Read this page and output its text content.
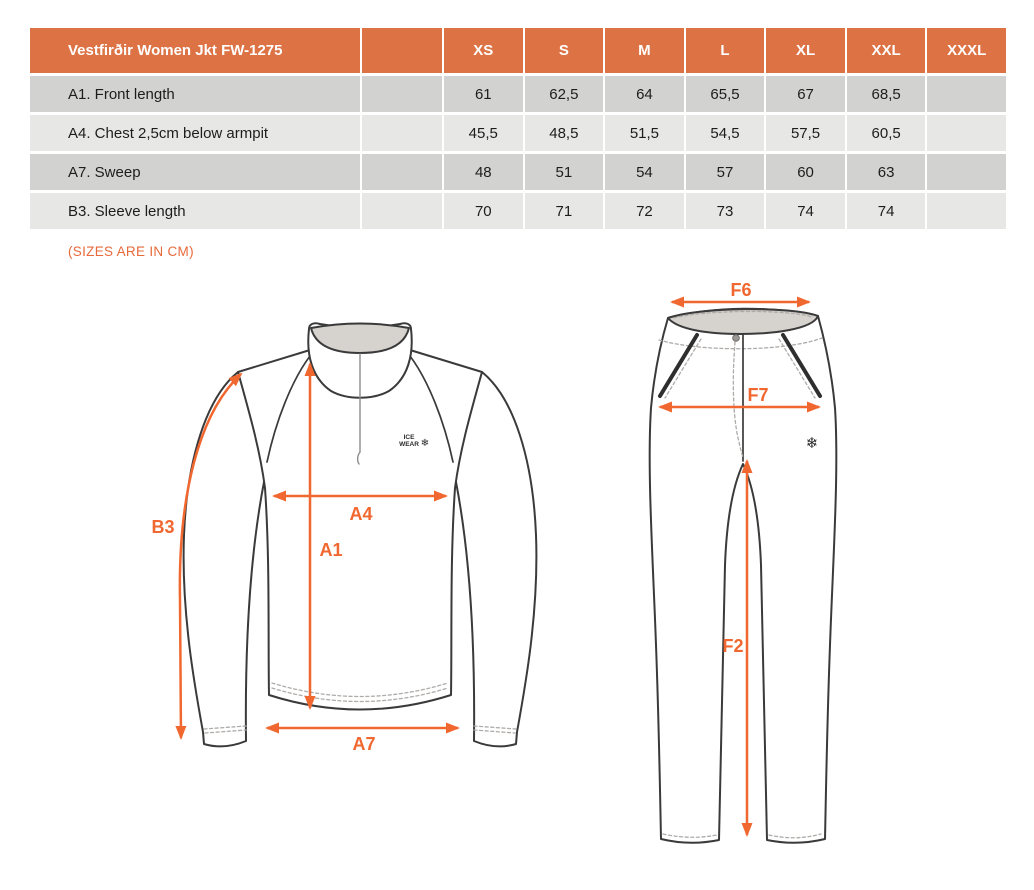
Vestfirðir Women Jkt FW-1275	XS	S	M	L	XL	XXL	XXXL
A1. Front length	61	62,5	64	65,5	67	68,5
A4. Chest 2,5cm below armpit	45,5	48,5	51,5	54,5	57,5	60,5
A7. Sweep	48	51	54	57	60	63
B3. Sleeve length	70	71	72	73	74	74
(SIZES ARE IN CM)
ICE
WEAR ❄
B3
A1
A4
A7
❄
F6
F7
F2
